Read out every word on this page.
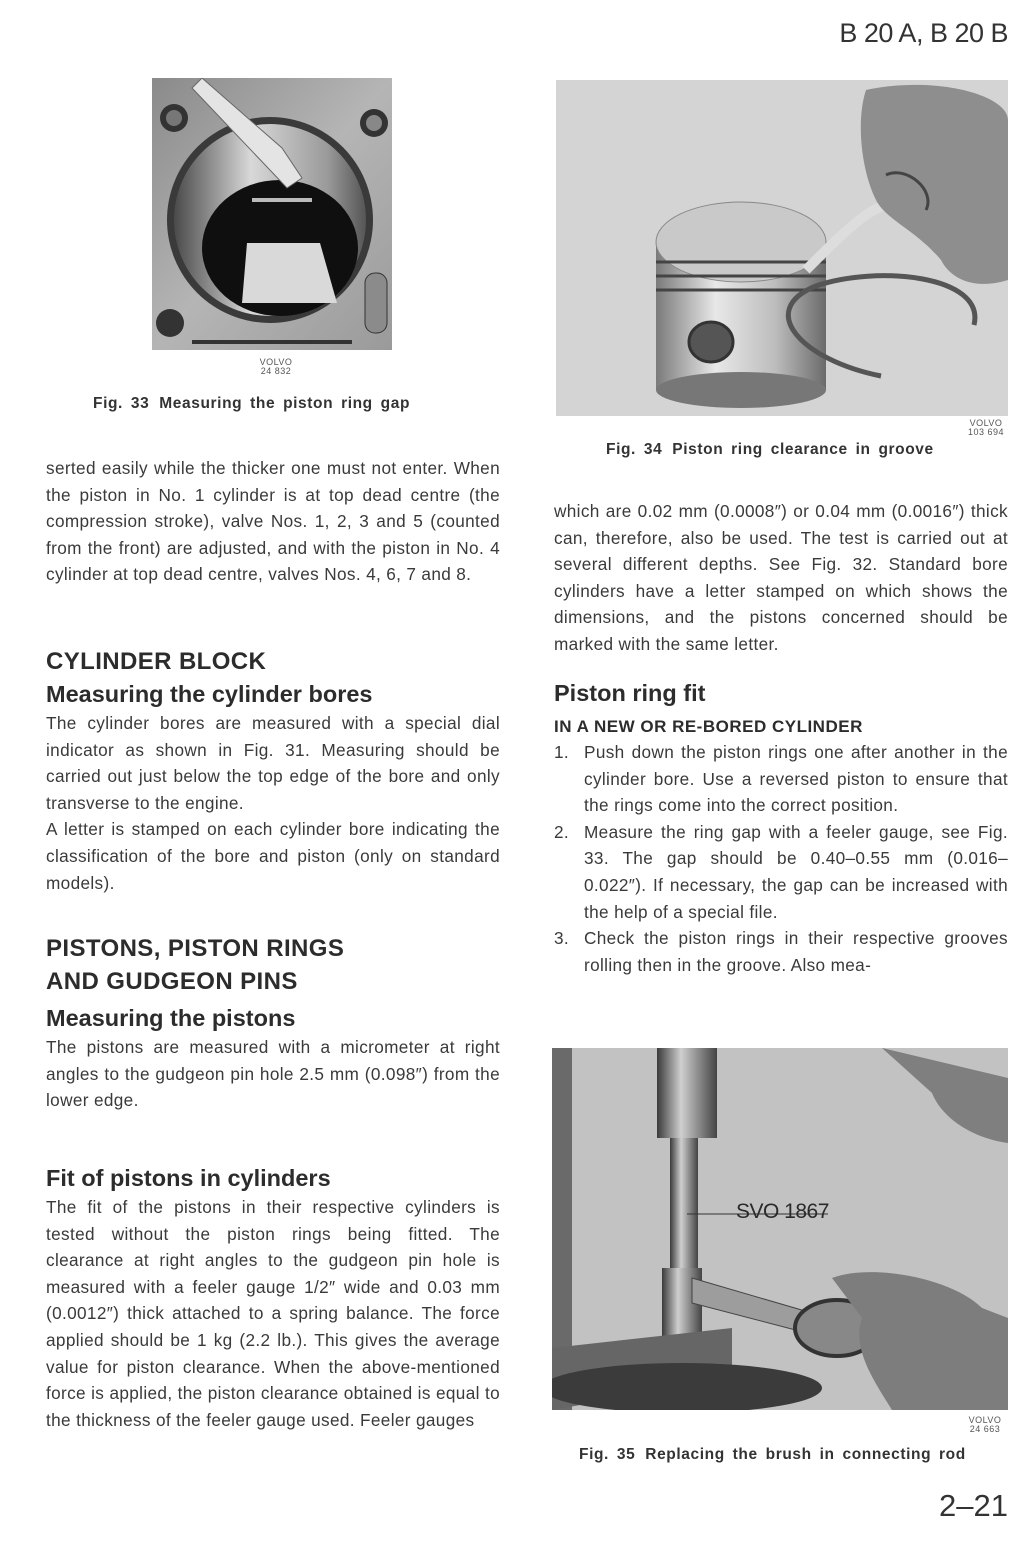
B 20 A, B 20 B
VOLVO
24 832
Fig. 33 Measuring the piston ring gap
VOLVO
103 694
Fig. 34 Piston ring clearance in groove

serted easily while the thicker one must not enter. When the piston in No. 1 cylinder is at top dead centre (the compression stroke), valve Nos. 1, 2, 3 and 5 (counted from the front) are adjusted, and with the piston in No. 4 cylinder at top dead centre, valves Nos. 4, 6, 7 and 8.

CYLINDER BLOCK
Measuring the cylinder bores

The cylinder bores are measured with a special dial indicator as shown in Fig. 31. Measuring should be carried out just below the top edge of the bore and only transverse to the engine.

A letter is stamped on each cylinder bore indicating the classification of the bore and piston (only on standard models).

PISTONS, PISTON RINGS
AND GUDGEON PINS
Measuring the pistons

The pistons are measured with a micrometer at right angles to the gudgeon pin hole 2.5 mm (0.098″) from the lower edge.

Fit of pistons in cylinders

The fit of the pistons in their respective cylinders is tested without the piston rings being fitted. The clearance at right angles to the gudgeon pin hole is measured with a feeler gauge 1/2″ wide and 0.03 mm (0.0012″) thick attached to a spring balance. The force applied should be 1 kg (2.2 lb.). This gives the average value for piston clearance. When the above-mentioned force is applied, the piston clearance obtained is equal to the thickness of the feeler gauge used. Feeler gauges

which are 0.02 mm (0.0008″) or 0.04 mm (0.0016″) thick can, therefore, also be used. The test is carried out at several different depths. See Fig. 32. Standard bore cylinders have a letter stamped on which shows the dimensions, and the pistons concerned should be marked with the same letter.

Piston ring fit
IN A NEW OR RE-BORED CYLINDER
1. Push down the piston rings one after another in the cylinder bore. Use a reversed piston to ensure that the rings come into the correct position.
2. Measure the ring gap with a feeler gauge, see Fig. 33. The gap should be 0.40–0.55 mm (0.016–0.022″). If necessary, the gap can be increased with the help of a special file.
3. Check the piston rings in their respective grooves rolling then in the groove. Also mea-
SVO 1867
VOLVO
24 663
Fig. 35 Replacing the brush in connecting rod
2–21
